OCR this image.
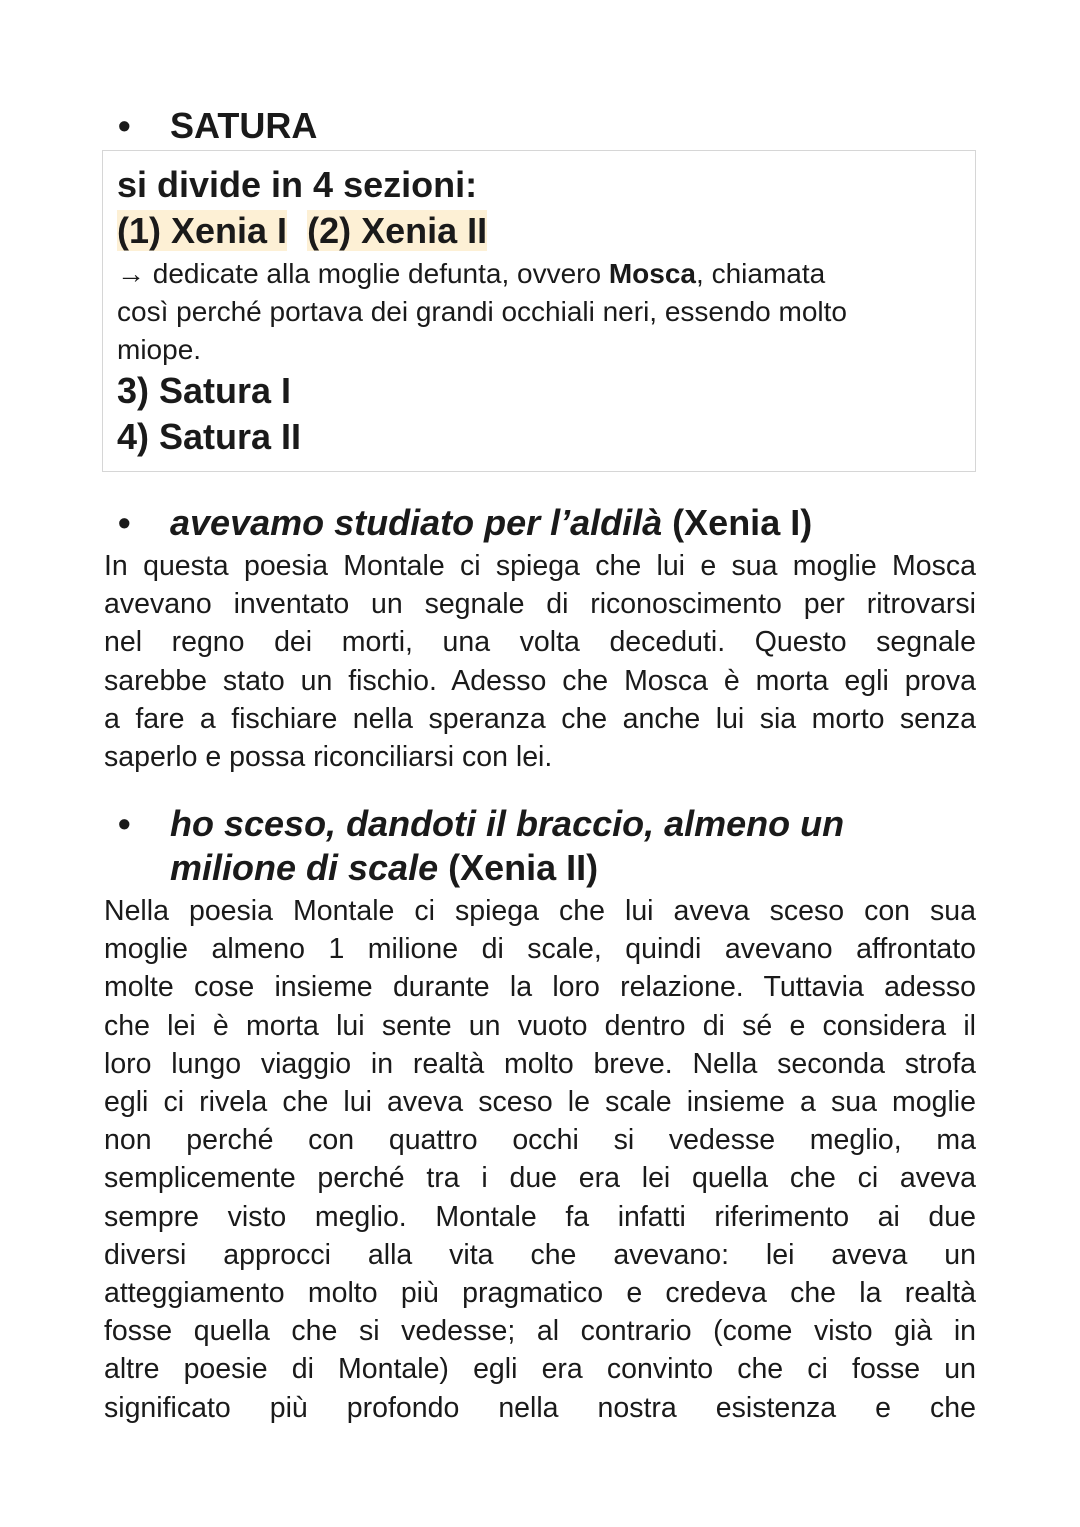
•	SATURA
si divide in 4 sezioni:
(1) Xenia I (2) Xenia II
→ dedicate alla moglie defunta, ovvero Mosca, chiamata
così perché portava dei grandi occhiali neri, essendo molto
miope.
3) Satura I
4) Satura II
•	avevamo studiato per l’aldilà (Xenia I)
In questa poesia Montale ci spiega che lui e sua moglie Mosca
avevano inventato un segnale di riconoscimento per ritrovarsi
nel regno dei morti, una volta deceduti. Questo segnale
sarebbe stato un fischio. Adesso che Mosca è morta egli prova
a fare a fischiare nella speranza che anche lui sia morto senza
saperlo e possa riconciliarsi con lei.
•	ho sceso, dandoti il braccio, almeno un
milione di scale (Xenia II)
Nella poesia Montale ci spiega che lui aveva sceso con sua
moglie almeno 1 milione di scale, quindi avevano affrontato
molte cose insieme durante la loro relazione. Tuttavia adesso
che lei è morta lui sente un vuoto dentro di sé e considera il
loro lungo viaggio in realtà molto breve. Nella seconda strofa
egli ci rivela che lui aveva sceso le scale insieme a sua moglie
non perché con quattro occhi si vedesse meglio, ma
semplicemente perché tra i due era lei quella che ci aveva
sempre visto meglio. Montale fa infatti riferimento ai due
diversi approcci alla vita che avevano: lei aveva un
atteggiamento molto più pragmatico e credeva che la realtà
fosse quella che si vedesse; al contrario (come visto già in
altre poesie di Montale) egli era convinto che ci fosse un
significato più profondo nella nostra esistenza e che
